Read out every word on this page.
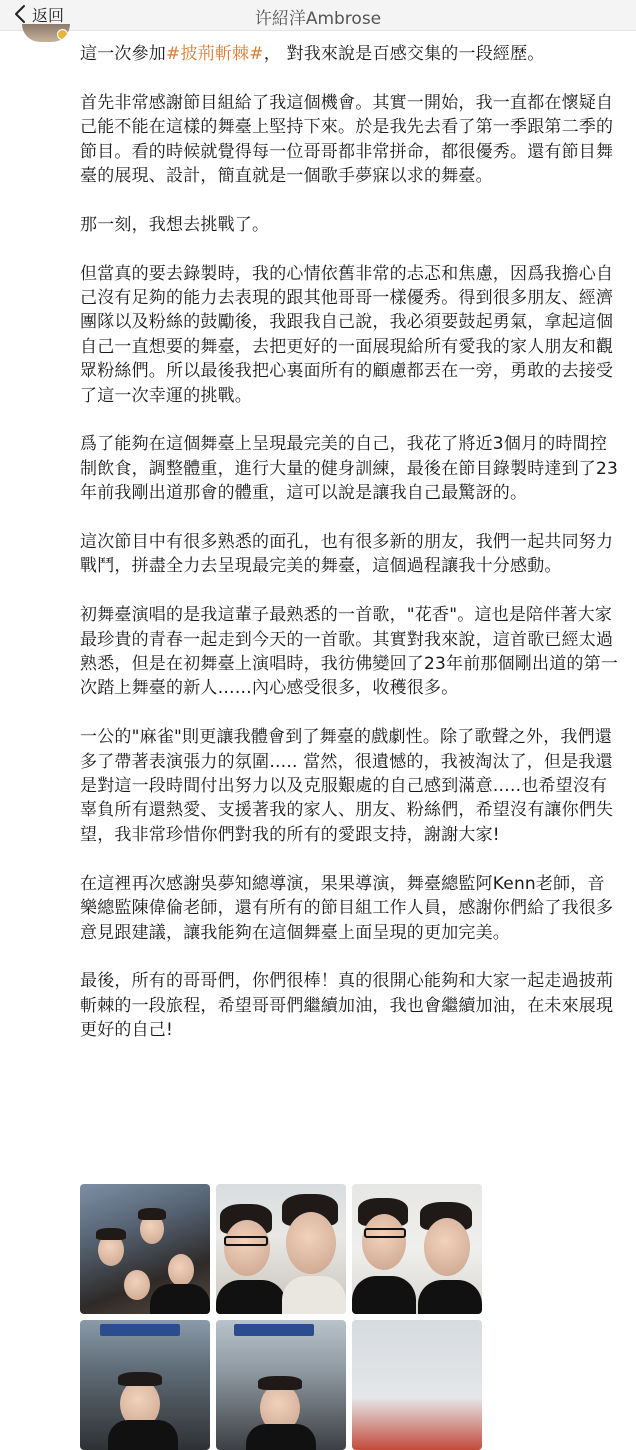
返回	许紹洋Ambrose

這一次參加#披荊斬棘#， 對我來說是百感交集的一段經歷。

首先非常感謝節目組給了我這個機會。其實一開始，我一直都在懷疑自己能不能在這樣的舞臺上堅持下來。於是我先去看了第一季跟第二季的節目。看的時候就覺得每一位哥哥都非常拼命，都很優秀。還有節目舞臺的展現、設計，簡直就是一個歌手夢寐以求的舞臺。

那一刻，我想去挑戰了。

但當真的要去錄製時，我的心情依舊非常的忐忑和焦慮，因爲我擔心自己沒有足夠的能力去表現的跟其他哥哥一樣優秀。得到很多朋友、經濟團隊以及粉絲的鼓勵後，我跟我自己說，我必須要鼓起勇氣，拿起這個自己一直想要的舞臺，去把更好的一面展現給所有愛我的家人朋友和觀眾粉絲們。所以最後我把心裏面所有的顧慮都丟在一旁，勇敢的去接受了這一次幸運的挑戰。

爲了能夠在這個舞臺上呈現最完美的自己，我花了將近3個月的時間控制飲食，調整體重，進行大量的健身訓練，最後在節目錄製時達到了23年前我剛出道那會的體重，這可以說是讓我自己最驚訝的。

這次節目中有很多熟悉的面孔，也有很多新的朋友，我們一起共同努力戰鬥，拼盡全力去呈現最完美的舞臺，這個過程讓我十分感動。

初舞臺演唱的是我這輩子最熟悉的一首歌，"花香"。這也是陪伴著大家最珍貴的青春一起走到今天的一首歌。其實對我來說，這首歌已經太過熟悉，但是在初舞臺上演唱時，我彷佛變回了23年前那個剛出道的第一次踏上舞臺的新人……內心感受很多，收穫很多。

一公的"麻雀"則更讓我體會到了舞臺的戲劇性。除了歌聲之外，我們還多了帶著表演張力的氛圍….. 當然，很遺憾的，我被淘汰了，但是我還是對這一段時間付出努力以及克服艱處的自己感到滿意…..也希望沒有辜負所有還熱愛、支援著我的家人、朋友、粉絲們，希望沒有讓你們失望，我非常珍惜你們對我的所有的愛跟支持，謝謝大家!

在這裡再次感謝吳夢知總導演，果果導演，舞臺總監阿Kenn老師，音樂總監陳偉倫老師，還有所有的節目組工作人員，感謝你們給了我很多意見跟建議，讓我能夠在這個舞臺上面呈現的更加完美。

最後，所有的哥哥們，你們很棒！真的很開心能夠和大家一起走過披荊斬棘的一段旅程，希望哥哥們繼續加油，我也會繼續加油，在未來展現更好的自己!
